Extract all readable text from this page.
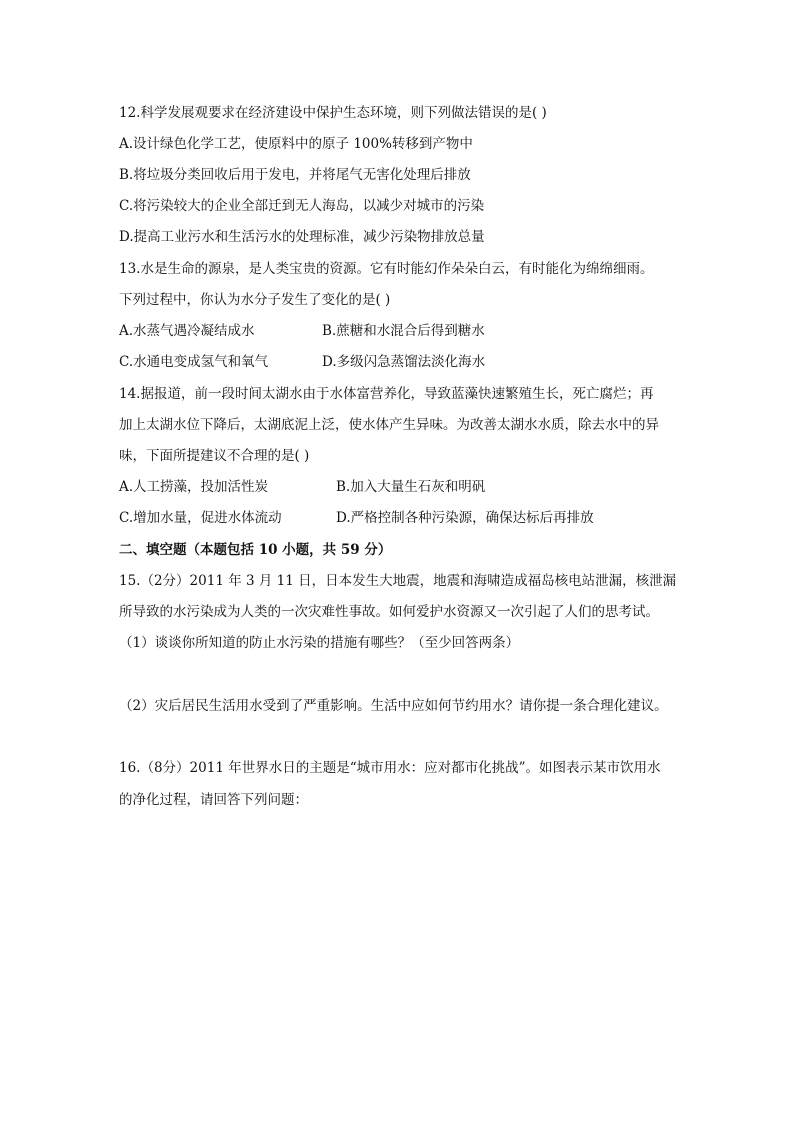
12.科学发展观要求在经济建设中保护生态环境，则下列做法错误的是( )
A.设计绿色化学工艺，使原料中的原子 100%转移到产物中
B.将垃圾分类回收后用于发电，并将尾气无害化处理后排放
C.将污染较大的企业全部迁到无人海岛，以减少对城市的污染
D.提高工业污水和生活污水的处理标准，减少污染物排放总量
13.水是生命的源泉，是人类宝贵的资源。它有时能幻作朵朵白云，有时能化为绵绵细雨。
下列过程中，你认为水分子发生了变化的是( )
A.水蒸气遇冷凝结成水	B.蔗糖和水混合后得到糖水
C.水通电变成氢气和氧气	D.多级闪急蒸馏法淡化海水
14.据报道，前一段时间太湖水由于水体富营养化，导致蓝藻快速繁殖生长，死亡腐烂；再
加上太湖水位下降后，太湖底泥上泛，使水体产生异味。为改善太湖水水质，除去水中的异
味，下面所提建议不合理的是( )
A.人工捞藻，投加活性炭	B.加入大量生石灰和明矾
C.增加水量，促进水体流动	D.严格控制各种污染源，确保达标后再排放
二、填空题（本题包括 10 小题，共 59 分）
15.（2分）2011 年 3 月 11 日，日本发生大地震，地震和海啸造成福岛核电站泄漏，核泄漏
所导致的水污染成为人类的一次灾难性事故。如何爱护水资源又一次引起了人们的思考试。
（1）谈谈你所知道的防止水污染的措施有哪些？（至少回答两条）
（2）灾后居民生活用水受到了严重影响。生活中应如何节约用水？请你提一条合理化建议。
16.（8分）2011 年世界水日的主题是“城市用水：应对都市化挑战”。如图表示某市饮用水
的净化过程，请回答下列问题：
